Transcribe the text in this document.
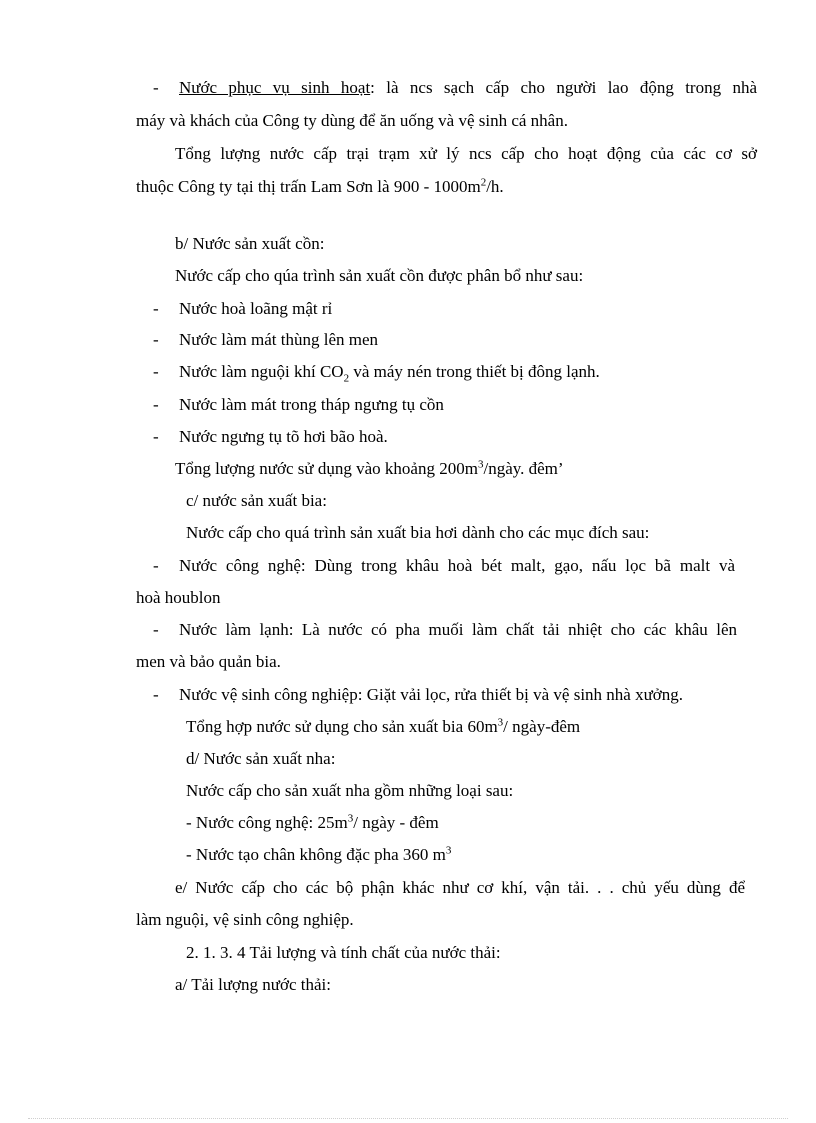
- Nước phục vụ sinh hoạt: là ncs sạch cấp cho người lao động trong nhà
máy và khách của Công ty dùng để ăn uống và vệ sinh cá nhân.
Tổng lượng nước cấp trại trạm xử lý ncs cấp cho hoạt động của các cơ sở
thuộc Công ty tại thị trấn Lam Sơn là $900 - 1000m^2/h$.
b/ Nước sản xuất cồn:
Nước cấp cho qúa trình sản xuất cồn được phân bổ như sau:
- Nước hoà loãng mật rỉ
- Nước làm mát thùng lên men
- Nước làm nguội khí $CO_2$ và máy nén trong thiết bị đông lạnh.
- Nước làm mát trong tháp ngưng tụ cồn
- Nước ngưng tụ tõ hơi bão hoà.
Tổng lượng nước sử dụng vào khoảng $200m^3$/ngày. đêm’
c/ nước sản xuất bia:
Nước cấp cho quá trình sản xuất bia hơi dành cho các mục đích sau:
- Nước công nghệ: Dùng trong khâu hoà bét malt, gạo, nấu lọc bã malt và
hoà houblon
- Nước làm lạnh: Là nước có pha muối làm chất tải nhiệt cho các khâu lên
men và bảo quản bia.
- Nước vệ sinh công nghiệp: Giặt vải lọc, rửa thiết bị và vệ sinh nhà xưởng.
Tổng hợp nước sử dụng cho sản xuất bia $60m^3/$ ngày-đêm
d/ Nước sản xuất nha:
Nước cấp cho sản xuất nha gồm những loại sau:
- Nước công nghệ: $25m^3/$ ngày - đêm
- Nước tạo chân không đặc pha 360 $m^3$
e/ Nước cấp cho các bộ phận khác như cơ khí, vận tải. . . chủ yếu dùng để
làm nguội, vệ sinh công nghiệp.
2. 1. 3. 4 Tải lượng và tính chất của nước thải:
a/ Tải lượng nước thải:
